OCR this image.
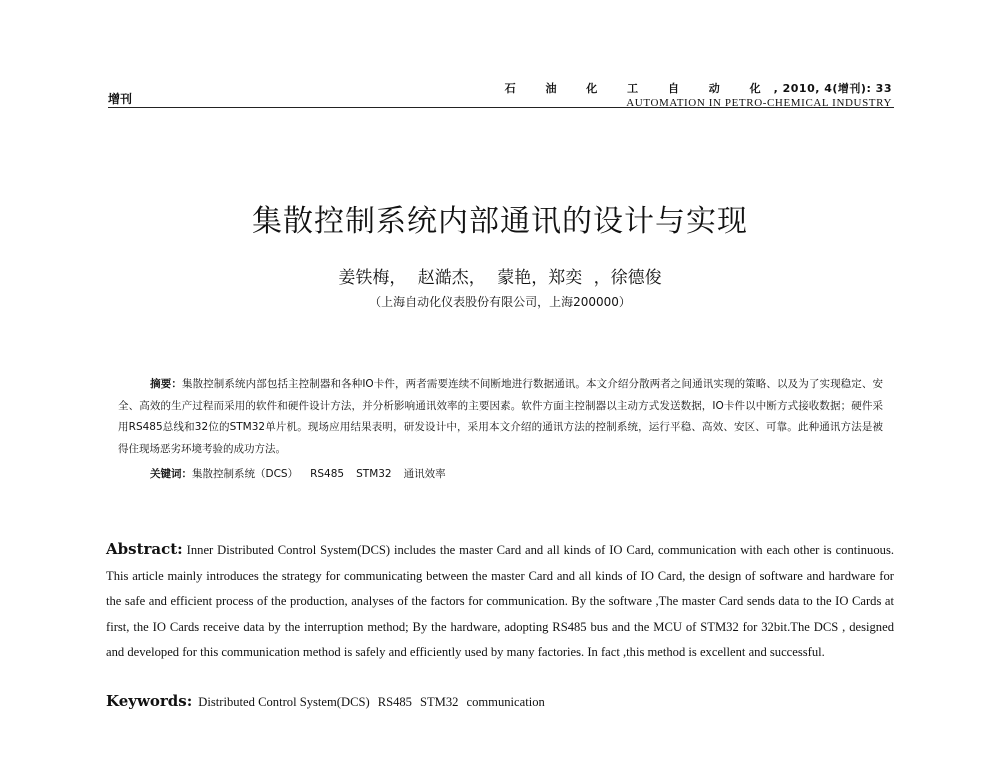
增刊
石 油 化 工 自 动 化, 2010, 4(增刊): 33
AUTOMATION IN PETRO-CHEMICAL INDUSTRY
集散控制系统内部通讯的设计与实现
姜铁梅， 赵澔杰， 蒙艳，郑奕 ，徐德俊
（上海自动化仪表股份有限公司，上海200000）
摘要：集散控制系统内部包括主控制器和各种IO卡件，两者需要连续不间断地进行数据通讯。本文介绍分散两者之间通讯实现的策略、以及为了实现稳定、安全、高效的生产过程而采用的软件和硬件设计方法，并分析影响通讯效率的主要因素。软件方面主控制器以主动方式发送数据，IO卡件以中断方式接收数据；硬件采用RS485总线和32位的STM32单片机。现场应用结果表明，研发设计中，采用本文介绍的通讯方法的控制系统，运行平稳、高效、安区、可靠。此种通讯方法是被得住现场恶劣环境考验的成功方法。
关键词：集散控制系统（DCS） RS485 STM32 通讯效率
Abstract: Inner Distributed Control System(DCS) includes the master Card and all kinds of IO Card, communication with each other is continuous. This article mainly introduces the strategy for communicating between the master Card and all kinds of IO Card, the design of software and hardware for the safe and efficient process of the production, analyses of the factors for communication. By the software ,The master Card sends data to the IO Cards at first, the IO Cards receive data by the interruption method; By the hardware, adopting RS485 bus and the MCU of STM32 for 32bit.The DCS , designed and developed for this communication method is safely and efficiently used by many factories. In fact ,this method is excellent and successful.
Keywords: Distributed Control System(DCS) RS485 STM32 communication
